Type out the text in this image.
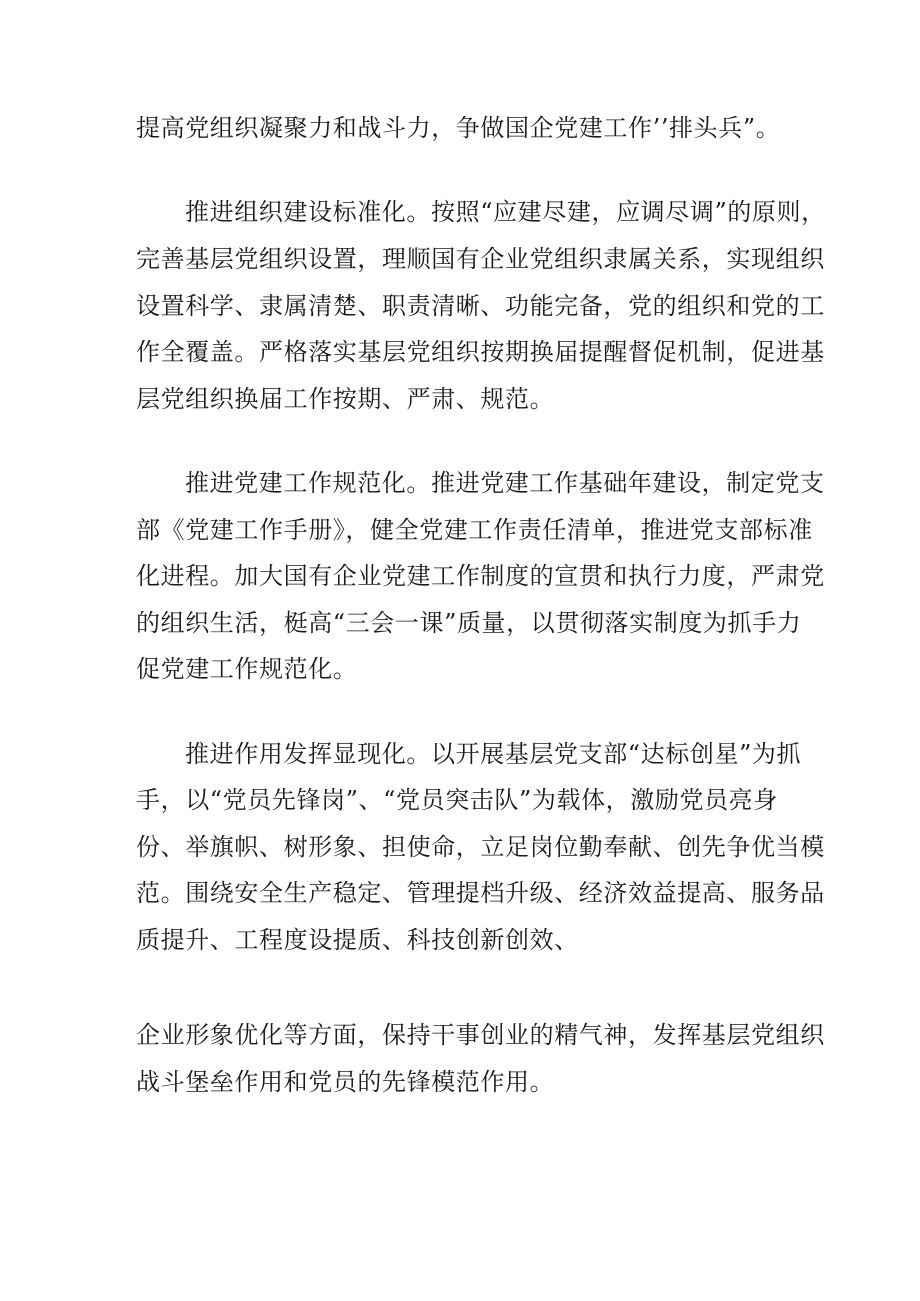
提高党组织凝聚力和战斗力，争做国企党建工作’’排头兵”。

推进组织建设标准化。按照“应建尽建，应调尽调”的原则，

完善基层党组织设置，理顺国有企业党组织隶属关系，实现组织

设置科学、隶属清楚、职责清晰、功能完备，党的组织和党的工

作全覆盖。严格落实基层党组织按期换届提醒督促机制，促进基

层党组织换届工作按期、严肃、规范。

推进党建工作规范化。推进党建工作基础年建设，制定党支

部《党建工作手册》，健全党建工作责任清单，推进党支部标准

化进程。加大国有企业党建工作制度的宣贯和执行力度，严肃党

的组织生活，梃高“三会一课”质量，以贯彻落实制度为抓手力

促党建工作规范化。

推进作用发挥显现化。以开展基层党支部“达标创星”为抓

手，以“党员先锋岗”、“党员突击队”为载体，激励党员亮身

份、举旗帜、树形象、担使命，立足岗位勤奉献、创先争优当模

范。围绕安全生产稳定、管理提档升级、经济效益提高、服务品

质提升、工程度设提质、科技创新创效、

企业形象优化等方面，保持干事创业的精气神，发挥基层党组织

战斗堡垒作用和党员的先锋模范作用。
